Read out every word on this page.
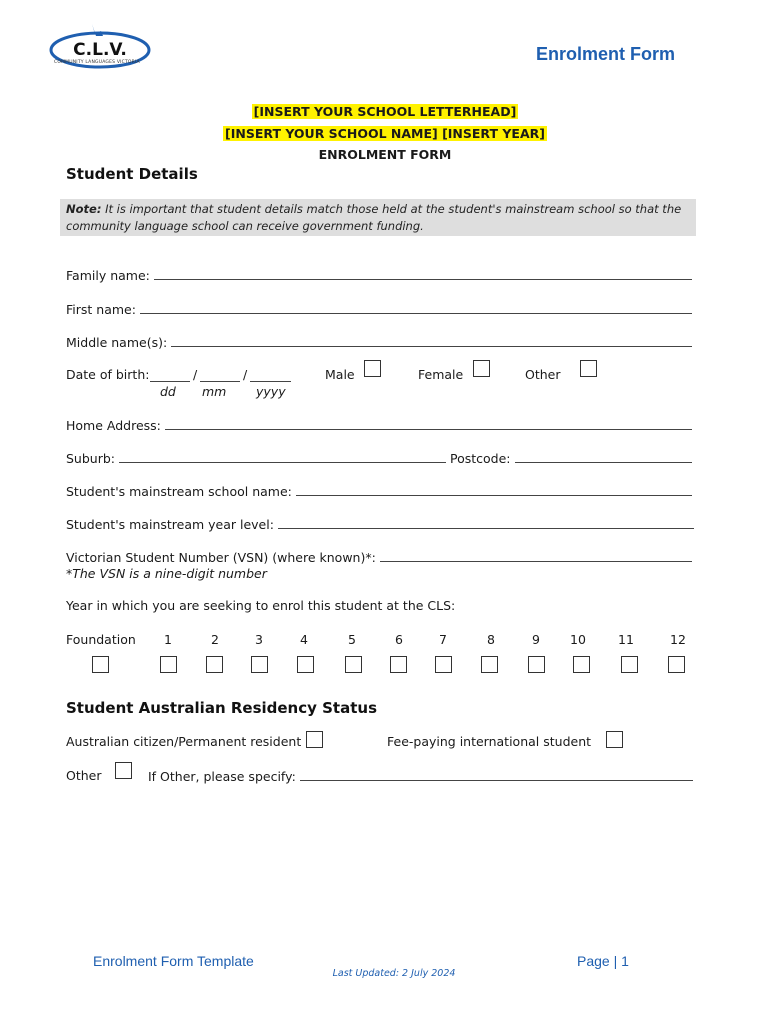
C.L.V.
COMMUNITY LANGUAGES VICTORIA	Enrolment Form
[INSERT YOUR SCHOOL LETTERHEAD]
[INSERT YOUR SCHOOL NAME] [INSERT YEAR]
ENROLMENT FORM
Student Details
Note: It is important that student details match those held at the student's mainstream school so that the community language school can receive government funding.
Family name:
First name:
Middle name(s):
Date of birth:	/	/
dd mm yyyy
Male	Female	Other
Home Address:
Suburb:	Postcode:
Student's mainstream school name:
Student's mainstream year level:
Victorian Student Number (VSN) (where known)*:
*The VSN is a nine-digit number
Year in which you are seeking to enrol this student at the CLS:
Foundation 1	2	3	4	5	6	7	8	9 10	11	12
Student Australian Residency Status
Australian citizen/Permanent resident	Fee-paying international student
Other	If Other, please specify:
Enrolment Form Template	Page | 1
Last Updated: 2 July 2024
